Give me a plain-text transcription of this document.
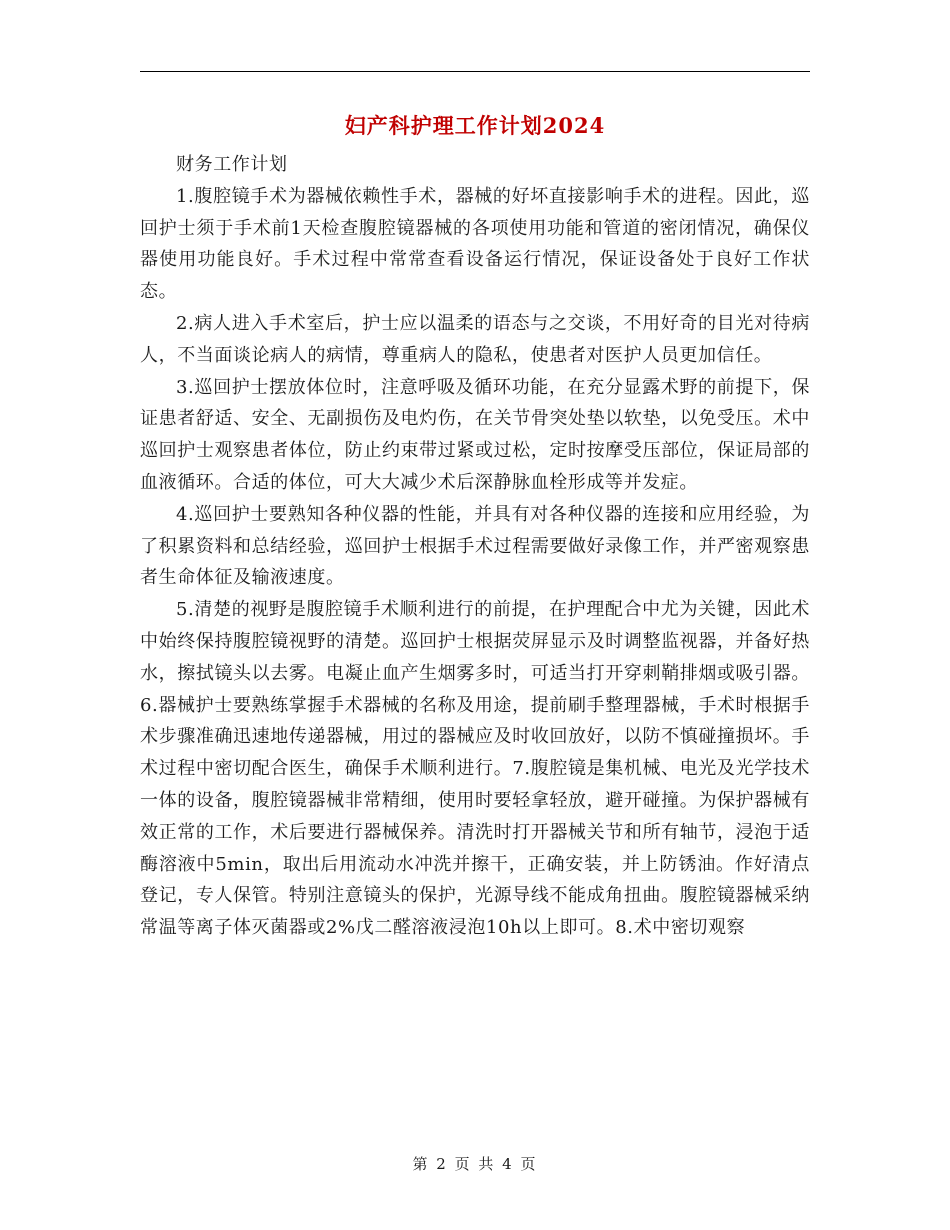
妇产科护理工作计划2024

财务工作计划

1.腹腔镜手术为器械依赖性手术，器械的好坏直接影响手术的进程。因此，巡回护士须于手术前1天检查腹腔镜器械的各项使用功能和管道的密闭情况，确保仪器使用功能良好。手术过程中常常查看设备运行情况，保证设备处于良好工作状态。

2.病人进入手术室后，护士应以温柔的语态与之交谈，不用好奇的目光对待病人，不当面谈论病人的病情，尊重病人的隐私，使患者对医护人员更加信任。

3.巡回护士摆放体位时，注意呼吸及循环功能，在充分显露术野的前提下，保证患者舒适、安全、无副损伤及电灼伤，在关节骨突处垫以软垫，以免受压。术中巡回护士观察患者体位，防止约束带过紧或过松，定时按摩受压部位，保证局部的血液循环。合适的体位，可大大减少术后深静脉血栓形成等并发症。

4.巡回护士要熟知各种仪器的性能，并具有对各种仪器的连接和应用经验，为了积累资料和总结经验，巡回护士根据手术过程需要做好录像工作，并严密观察患者生命体征及输液速度。

5.清楚的视野是腹腔镜手术顺利进行的前提，在护理配合中尤为关键，因此术中始终保持腹腔镜视野的清楚。巡回护士根据荧屏显示及时调整监视器，并备好热水，擦拭镜头以去雾。电凝止血产生烟雾多时，可适当打开穿刺鞘排烟或吸引器。6.器械护士要熟练掌握手术器械的名称及用途，提前刷手整理器械，手术时根据手术步骤准确迅速地传递器械，用过的器械应及时收回放好，以防不慎碰撞损坏。手术过程中密切配合医生，确保手术顺利进行。7.腹腔镜是集机械、电光及光学技术一体的设备，腹腔镜器械非常精细，使用时要轻拿轻放，避开碰撞。为保护器械有效正常的工作，术后要进行器械保养。清洗时打开器械关节和所有轴节，浸泡于适酶溶液中5min，取出后用流动水冲洗并擦干，正确安装，并上防锈油。作好清点登记，专人保管。特别注意镜头的保护，光源导线不能成角扭曲。腹腔镜器械采纳常温等离子体灭菌器或2%戊二醛溶液浸泡10h以上即可。8.术中密切观察

第 2 页 共 4 页
